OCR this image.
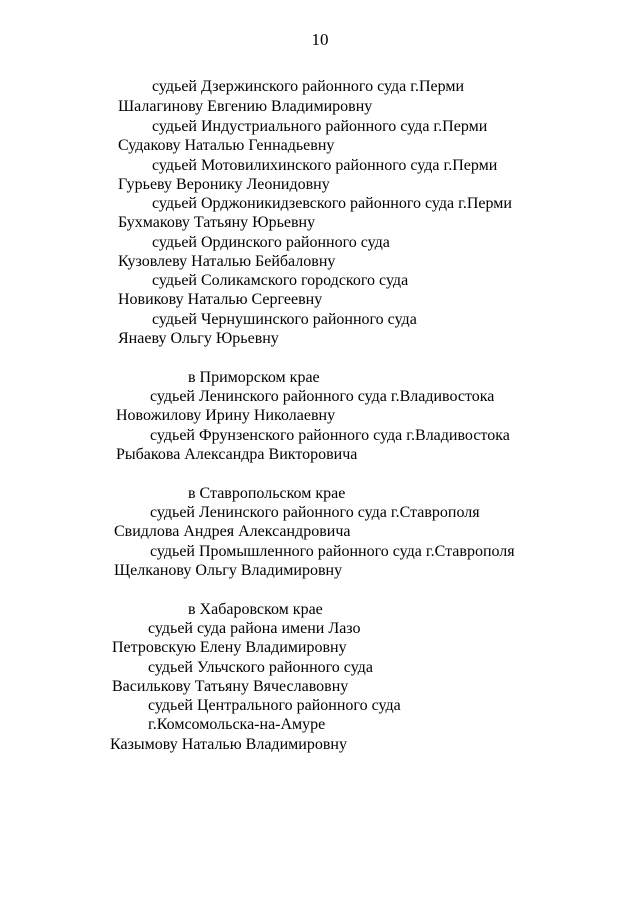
10
судьей Дзержинского районного суда г.Перми
Шалагинову Евгению Владимировну
судьей Индустриального районного суда г.Перми
Судакову Наталью Геннадьевну
судьей Мотовилихинского районного суда г.Перми
Гурьеву Веронику Леонидовну
судьей Орджоникидзевского районного суда г.Перми
Бухмакову Татьяну Юрьевну
судьей Ординского районного суда
Кузовлеву Наталью Бейбаловну
судьей Соликамского городского суда
Новикову Наталью Сергеевну
судьей Чернушинского районного суда
Янаеву Ольгу Юрьевну
в Приморском крае
судьей Ленинского районного суда г.Владивостока
Новожилову Ирину Николаевну
судьей Фрунзенского районного суда г.Владивостока
Рыбакова Александра Викторовича
в Ставропольском крае
судьей Ленинского районного суда г.Ставрополя
Свидлова Андрея Александровича
судьей Промышленного районного суда г.Ставрополя
Щелканову Ольгу Владимировну
в Хабаровском крае
судьей суда района имени Лазо
Петровскую Елену Владимировну
судьей Ульчского районного суда
Василькову Татьяну Вячеславовну
судьей Центрального районного суда
г.Комсомольска-на-Амуре
Казымову Наталью Владимировну
